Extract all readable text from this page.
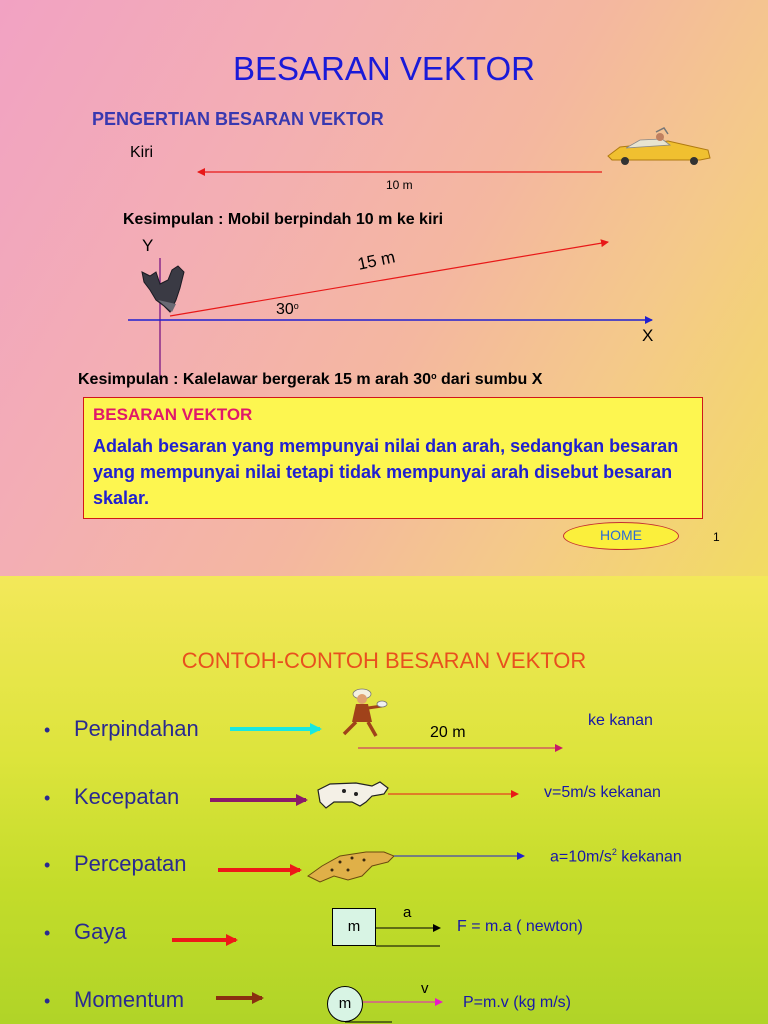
BESARAN VEKTOR
PENGERTIAN BESARAN VEKTOR
Kiri
10 m
Kesimpulan : Mobil berpindah 10 m ke kiri
Y
X
15 m
30$^o$
Kesimpulan : Kalelawar bergerak 15 m arah 30$^o$ dari sumbu X
BESARAN VEKTOR
Adalah besaran yang mempunyai nilai dan arah, sedangkan besaran yang mempunyai nilai tetapi tidak mempunyai arah disebut besaran skalar.
HOME	1
CONTOH-CONTOH BESARAN VEKTOR
• Perpindahan
• Kecepatan
• Percepatan
• Gaya
• Momentum
20 m
ke kanan
v=5m/s kekanan
$a=10m/s^2$ kekanan
m
a
F = m.a ( newton)
m
v
P=m.v (kg m/s)
